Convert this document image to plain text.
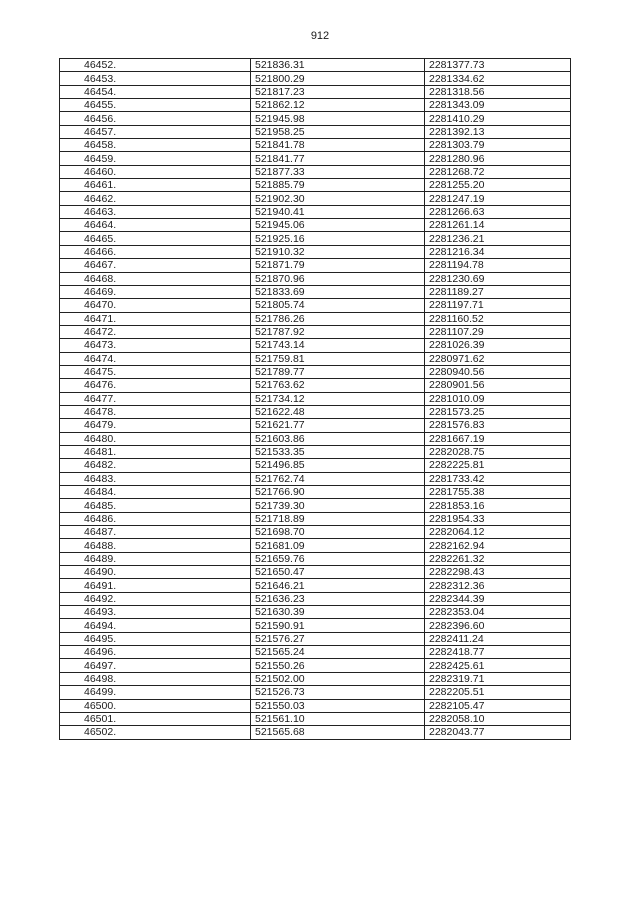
912
46452.	521836.31	2281377.73
46453.	521800.29	2281334.62
46454.	521817.23	2281318.56
46455.	521862.12	2281343.09
46456.	521945.98	2281410.29
46457.	521958.25	2281392.13
46458.	521841.78	2281303.79
46459.	521841.77	2281280.96
46460.	521877.33	2281268.72
46461.	521885.79	2281255.20
46462.	521902.30	2281247.19
46463.	521940.41	2281266.63
46464.	521945.06	2281261.14
46465.	521925.16	2281236.21
46466.	521910.32	2281216.34
46467.	521871.79	2281194.78
46468.	521870.96	2281230.69
46469.	521833.69	2281189.27
46470.	521805.74	2281197.71
46471.	521786.26	2281160.52
46472.	521787.92	2281107.29
46473.	521743.14	2281026.39
46474.	521759.81	2280971.62
46475.	521789.77	2280940.56
46476.	521763.62	2280901.56
46477.	521734.12	2281010.09
46478.	521622.48	2281573.25
46479.	521621.77	2281576.83
46480.	521603.86	2281667.19
46481.	521533.35	2282028.75
46482.	521496.85	2282225.81
46483.	521762.74	2281733.42
46484.	521766.90	2281755.38
46485.	521739.30	2281853.16
46486.	521718.89	2281954.33
46487.	521698.70	2282064.12
46488.	521681.09	2282162.94
46489.	521659.76	2282261.32
46490.	521650.47	2282298.43
46491.	521646.21	2282312.36
46492.	521636.23	2282344.39
46493.	521630.39	2282353.04
46494.	521590.91	2282396.60
46495.	521576.27	2282411.24
46496.	521565.24	2282418.77
46497.	521550.26	2282425.61
46498.	521502.00	2282319.71
46499.	521526.73	2282205.51
46500.	521550.03	2282105.47
46501.	521561.10	2282058.10
46502.	521565.68	2282043.77
